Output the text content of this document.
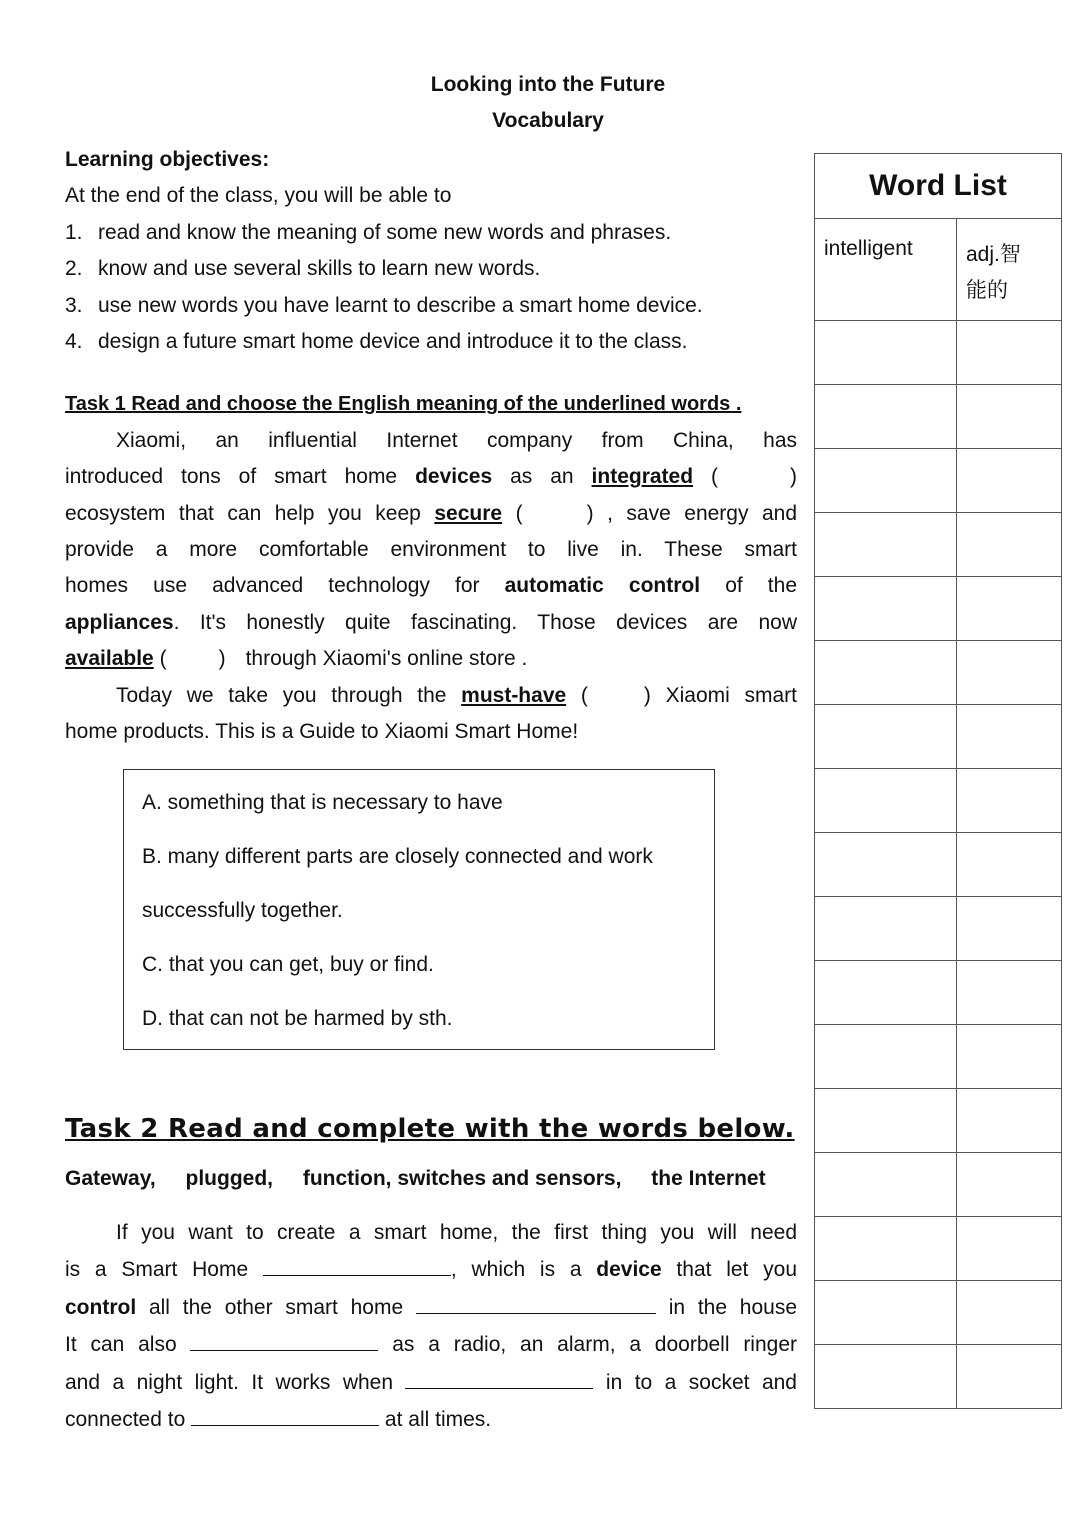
Looking into the Future
Vocabulary

Learning objectives:

At the end of the class, you will be able to

1. read and know the meaning of some new words and phrases.
2. know and use several skills to learn new words.
3. use new words you have learnt to describe a smart home device.
4. design a future smart home device and introduce it to the class.

Task 1 Read and choose the English meaning of the underlined words .

Xiaomi, an influential Internet company from China, has

introduced tons of smart home devices as an integrated (	)

ecosystem that can help you keep secure (	) , save energy and

provide a more comfortable environment to live in. These smart

homes use advanced technology for automatic control of the

appliances. It's honestly quite fascinating. Those devices are now

available ( ) through Xiaomi's online store .

Today we take you through the must-have (	) Xiaomi smart

home products. This is a Guide to Xiaomi Smart Home!

A. something that is necessary to have

B. many different parts are closely connected and work

successfully together.

C. that you can get, buy or find.

D. that can not be harmed by sth.

Task 2 Read and complete with the words below.
Gateway, plugged, function, switches and sensors, the Internet

If you want to create a smart home, the first thing you will need

is a Smart Home	, which is a device that let you

control all the other smart home	in the house

It can also	as a radio, an alarm, a doorbell ringer

and a night light. It works when	in to a socket and

connected to	at all times.

Word List	
intelligent	adj.智能的
